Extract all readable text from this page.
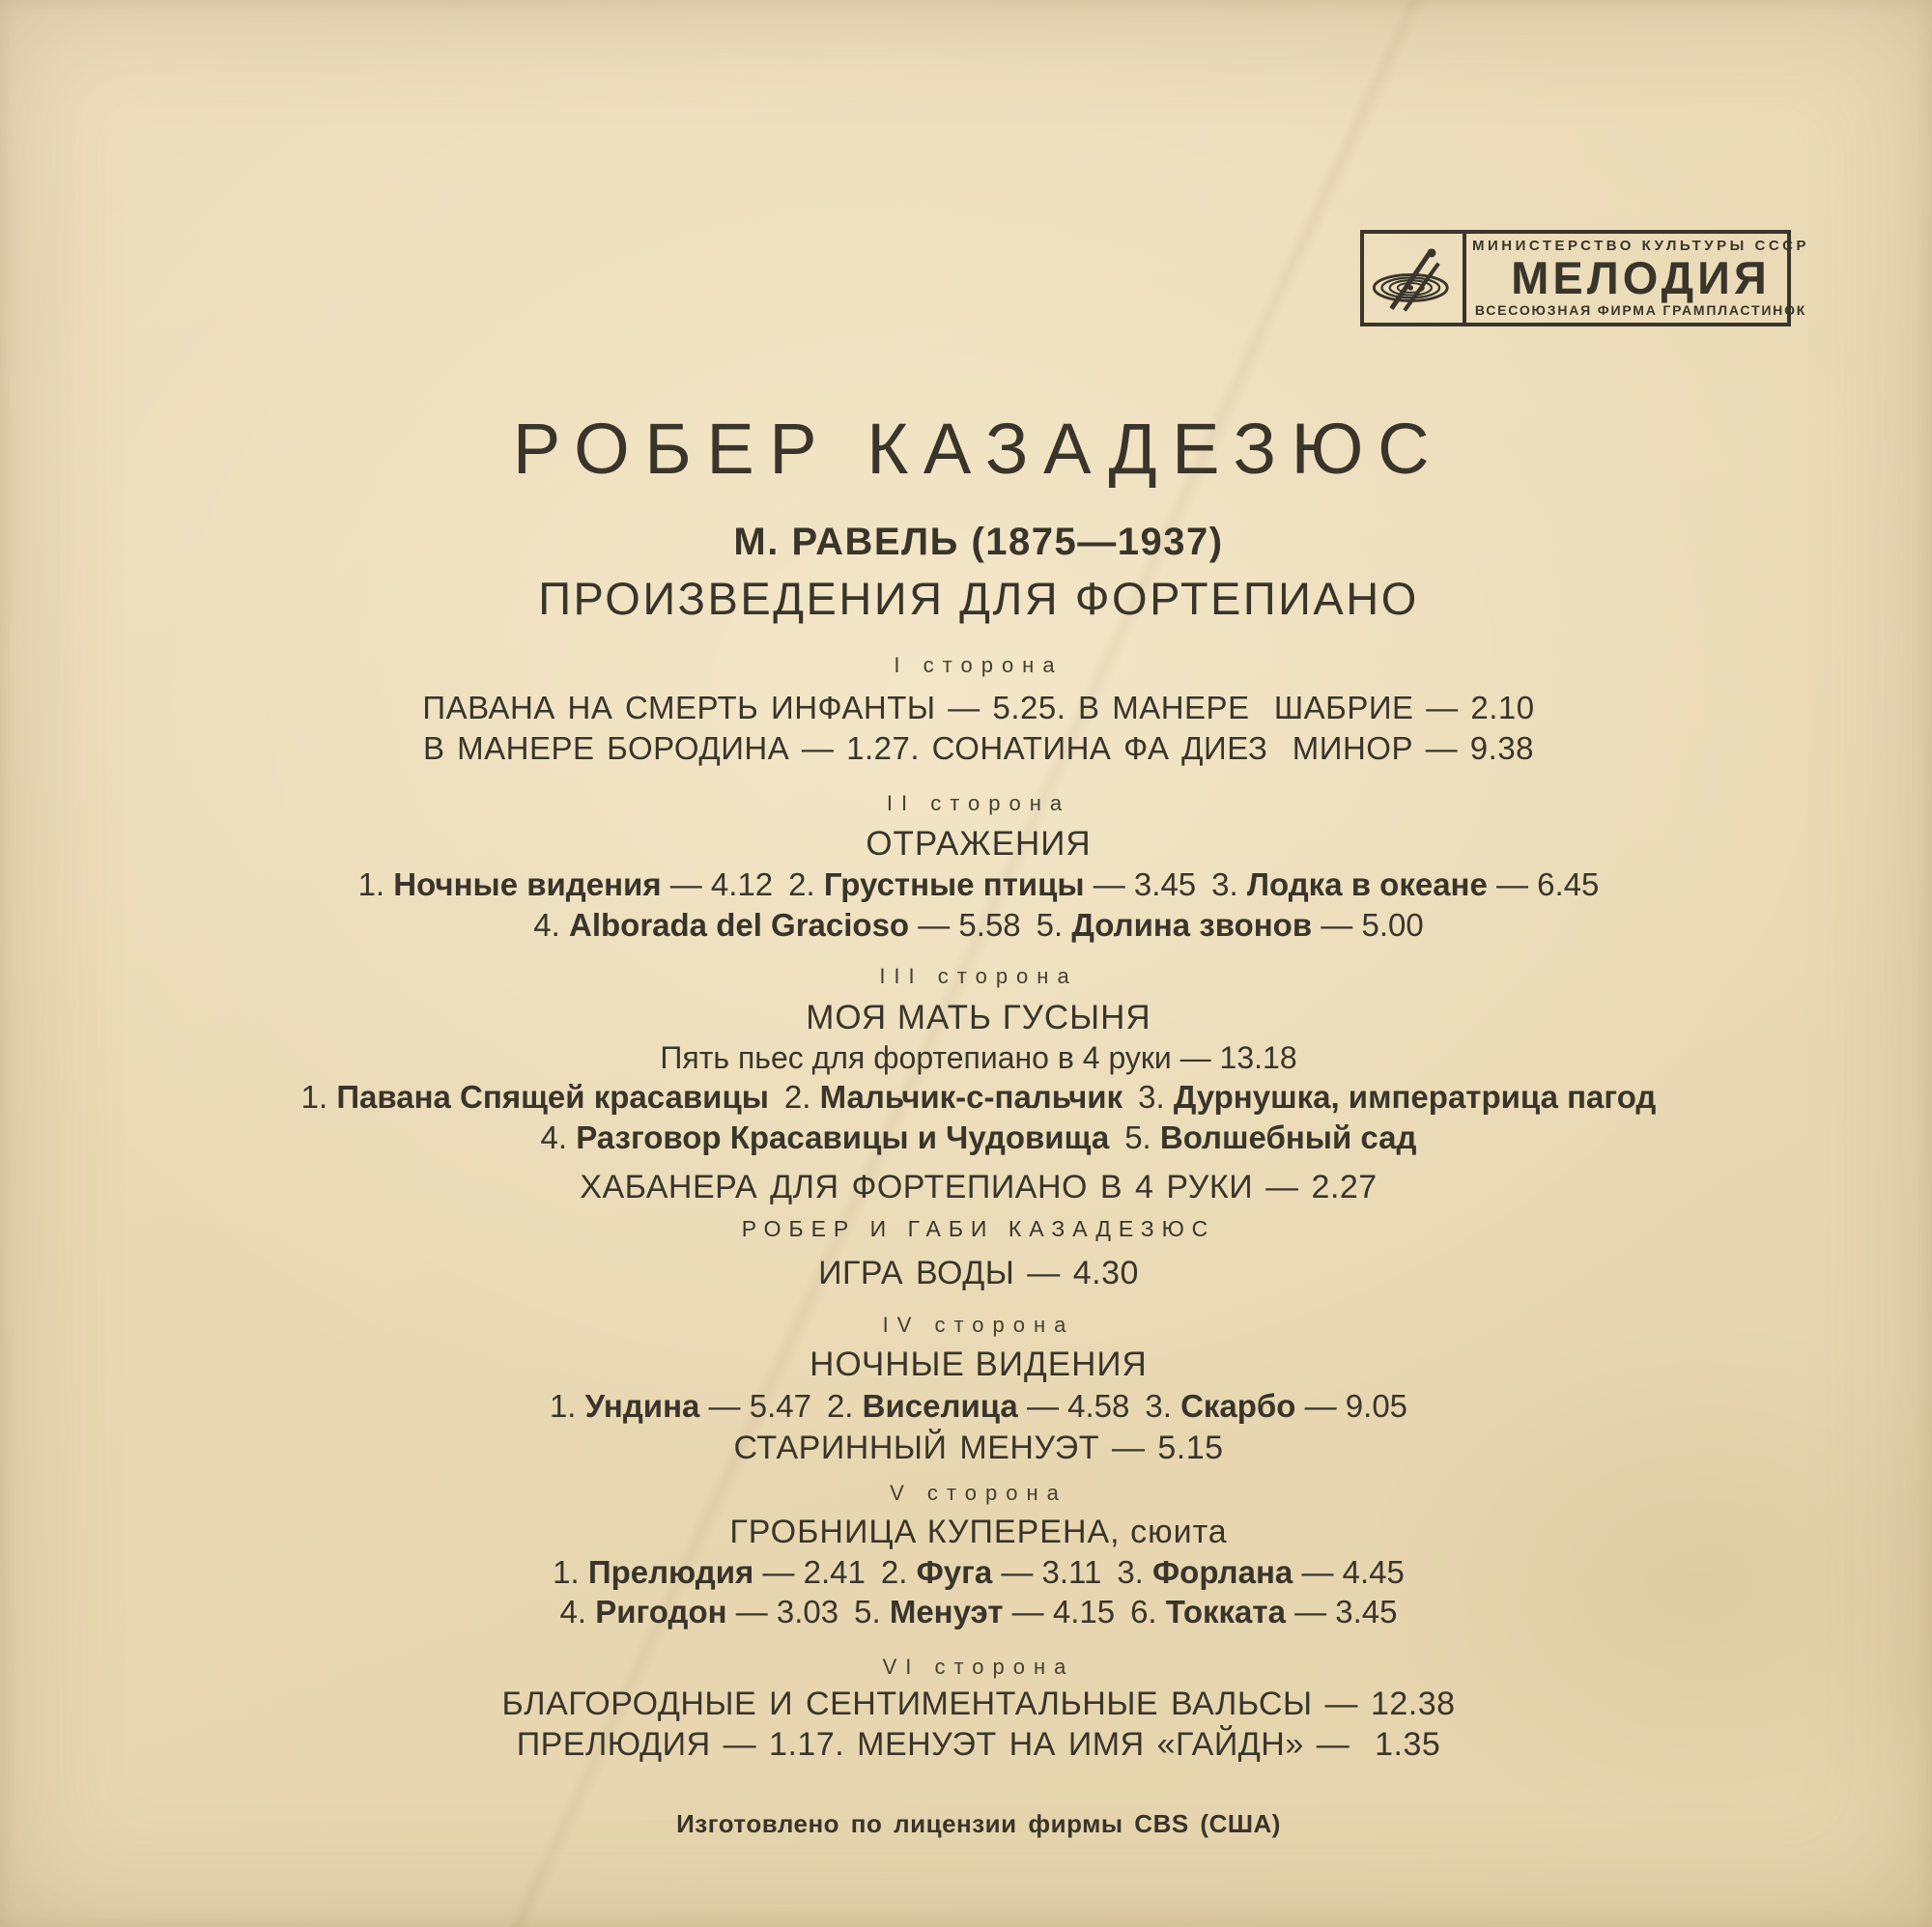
МИНИСТЕРСТВО КУЛЬТУРЫ СССР
МЕЛОДИЯ
ВСЕСОЮЗНАЯ ФИРМА ГРАМПЛАСТИНОК
РОБЕР КАЗАДЕЗЮС
М. РАВЕЛЬ (1875—1937)
ПРОИЗВЕДЕНИЯ ДЛЯ ФОРТЕПИАНО
I сторона
ПАВАНА НА СМЕРТЬ ИНФАНТЫ — 5.25. В МАНЕРЕ  ШАБРИЕ — 2.10
В МАНЕРЕ БОРОДИНА — 1.27. СОНАТИНА ФА ДИЕЗ  МИНОР — 9.38
II сторона
ОТРАЖЕНИЯ
1. Ночные видения — 4.12 2. Грустные птицы — 3.45 3. Лодка в океане — 6.45
4. Alborada del Gracioso — 5.58 5. Долина звонов — 5.00
III сторона
МОЯ МАТЬ ГУСЫНЯ
Пять пьес для фортепиано в 4 руки — 13.18
1. Павана Спящей красавицы 2. Мальчик-с-пальчик 3. Дурнушка, императрица пагод
4. Разговор Красавицы и Чудовища 5. Волшебный сад
ХАБАНЕРА ДЛЯ ФОРТЕПИАНО В 4 РУКИ — 2.27
РОБЕР И ГАБИ КАЗАДЕЗЮС
ИГРА ВОДЫ — 4.30
IV сторона
НОЧНЫЕ ВИДЕНИЯ
1. Ундина — 5.47 2. Виселица — 4.58 3. Скарбо — 9.05
СТАРИННЫЙ МЕНУЭТ — 5.15
V сторона
ГРОБНИЦА КУПЕРЕНА, сюита
1. Прелюдия — 2.41 2. Фуга — 3.11 3. Форлана — 4.45
4. Ригодон — 3.03 5. Менуэт — 4.15 6. Токката — 3.45
VI сторона
БЛАГОРОДНЫЕ И СЕНТИМЕНТАЛЬНЫЕ ВАЛЬСЫ — 12.38
ПРЕЛЮДИЯ — 1.17. МЕНУЭТ НА ИМЯ «ГАЙДН» —  1.35
Изготовлено по лицензии фирмы CBS (США)
